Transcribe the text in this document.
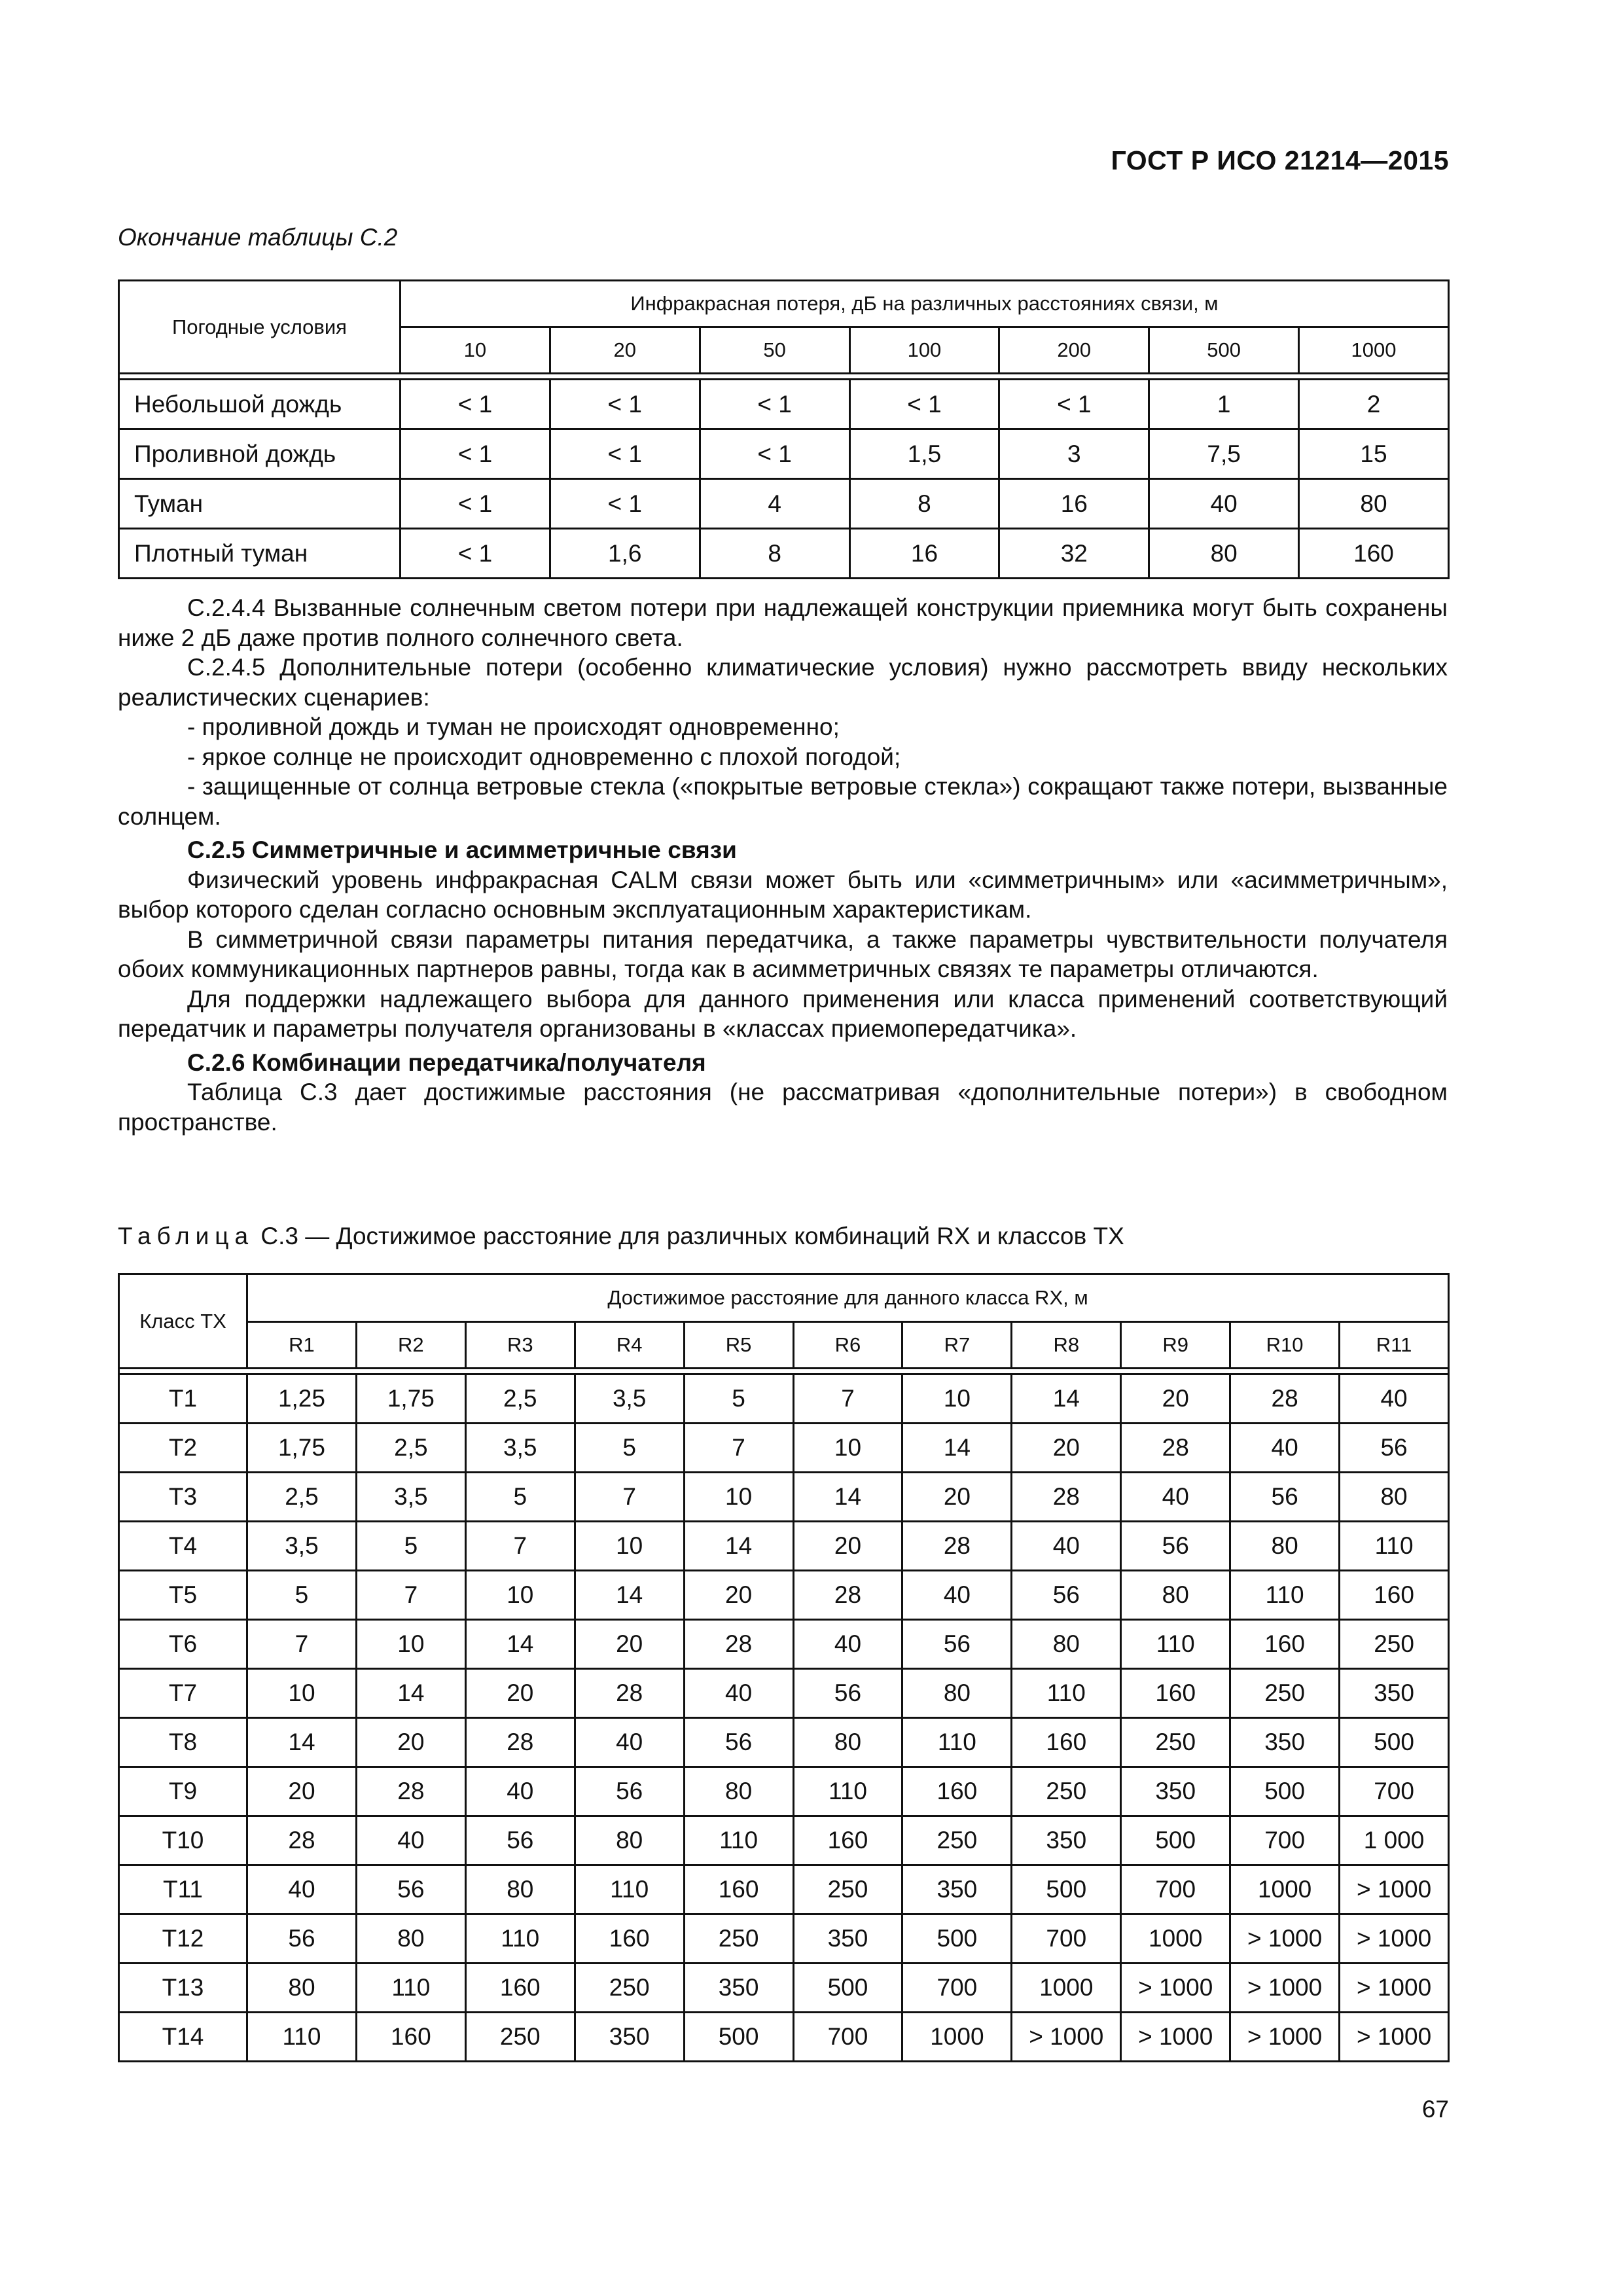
ГОСТ Р ИСО 21214—2015
Окончание таблицы С.2
Погодные условия	Инфракрасная потеря, дБ на различных расстояниях связи, м						
	10	20	50	100	200	500	1000

Небольшой дождь	< 1	< 1	< 1	< 1	< 1	1	2
Проливной дождь	< 1	< 1	< 1	1,5	3	7,5	15
Туман	< 1	< 1	4	8	16	40	80
Плотный туман	< 1	1,6	8	16	32	80	160

С.2.4.4 Вызванные солнечным светом потери при надлежащей конструкции приемника могут быть сохранены ниже 2 дБ даже против полного солнечного света.

С.2.4.5 Дополнительные потери (особенно климатические условия) нужно рассмотреть ввиду нескольких реалистических сценариев:

- проливной дождь и туман не происходят одновременно;

- яркое солнце не происходит одновременно с плохой погодой;

- защищенные от солнца ветровые стекла («покрытые ветровые стекла») сокращают также потери, вызванные солнцем.

С.2.5 Симметричные и асимметричные связи

Физический уровень инфракрасная CALM связи может быть или «симметричным» или «асимметричным», выбор которого сделан согласно основным эксплуатационным характеристикам.

В симметричной связи параметры питания передатчика, а также параметры чувствительности получателя обоих коммуникационных партнеров равны, тогда как в асимметричных связях те параметры отличаются.

Для поддержки надлежащего выбора для данного применения или класса применений соответствующий передатчик и параметры получателя организованы в «классах приемопередатчика».

С.2.6 Комбинации передатчика/получателя

Таблица С.3 дает достижимые расстояния (не рассматривая «дополнительные потери») в свободном пространстве.

Таблица С.3 — Достижимое расстояние для различных комбинаций RX и классов TX
Класс ТХ	Достижимое расстояние для данного класса RX, м										
	R1	R2	R3	R4	R5	R6	R7	R8	R9	R10	R11

T1	1,25	1,75	2,5	3,5	5	7	10	14	20	28	40
T2	1,75	2,5	3,5	5	7	10	14	20	28	40	56
T3	2,5	3,5	5	7	10	14	20	28	40	56	80
T4	3,5	5	7	10	14	20	28	40	56	80	110
T5	5	7	10	14	20	28	40	56	80	110	160
T6	7	10	14	20	28	40	56	80	110	160	250
T7	10	14	20	28	40	56	80	110	160	250	350
T8	14	20	28	40	56	80	110	160	250	350	500
T9	20	28	40	56	80	110	160	250	350	500	700
T10	28	40	56	80	110	160	250	350	500	700	1 000
T11	40	56	80	110	160	250	350	500	700	1000	> 1000
T12	56	80	110	160	250	350	500	700	1000	> 1000	> 1000
T13	80	110	160	250	350	500	700	1000	> 1000	> 1000	> 1000
T14	110	160	250	350	500	700	1000	> 1000	> 1000	> 1000	> 1000
67
